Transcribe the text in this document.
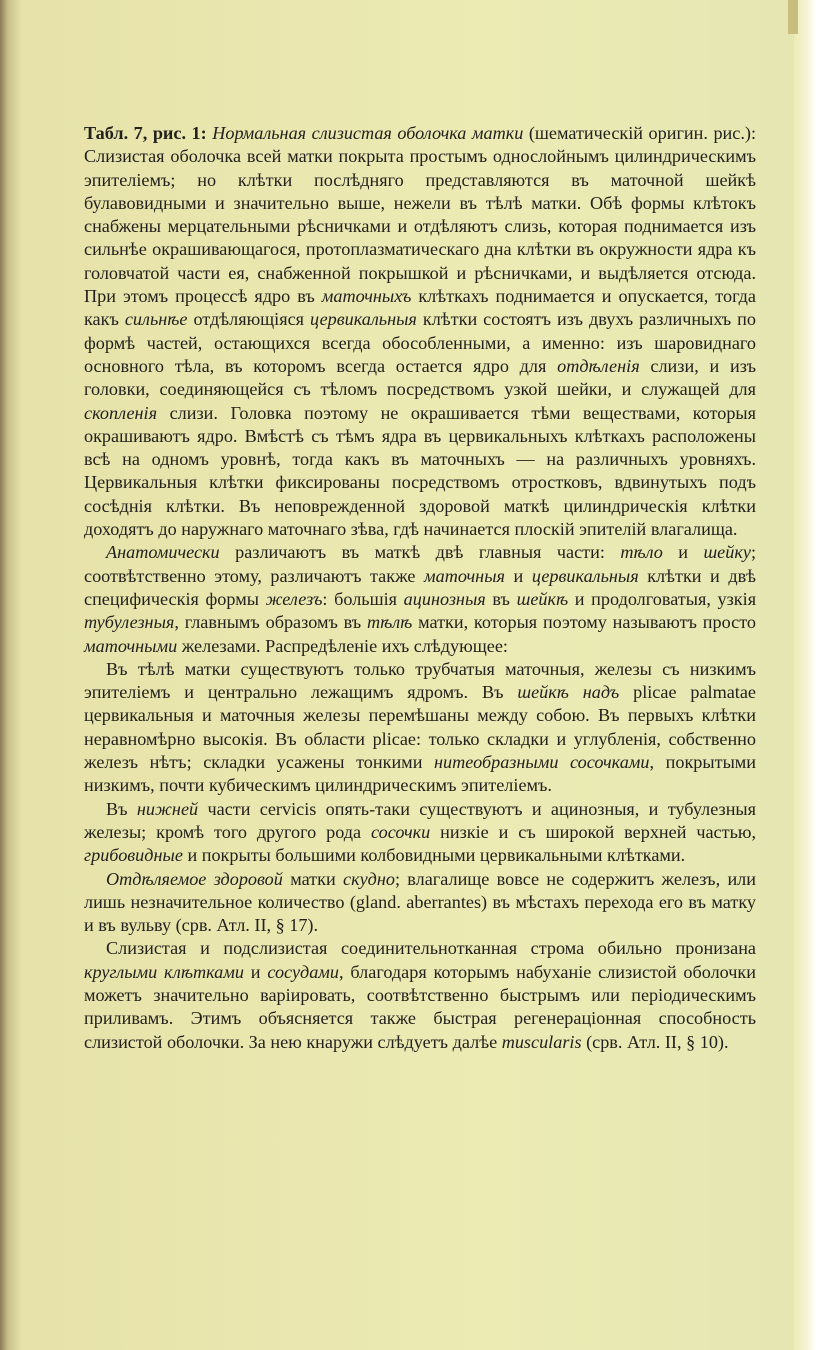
Табл. 7, рис. 1: Нормальная слизистая оболочка матки (шематическiй оригин. рис.): Слизистая оболочка всей матки покрыта простымъ однослойнымъ цилиндрическимъ эпителiемъ; но клѣтки послѣдняго представляются въ маточной шейкѣ булавовидными и значительно выше, нежели въ тѣлѣ матки. Обѣ формы клѣтокъ снабжены мерцательными рѣсничками и отдѣляютъ слизь, которая поднимается изъ сильнѣе окрашивающагося, протоплазматическаго дна клѣтки въ окружности ядра къ головчатой части ея, снабженной покрышкой и рѣсничками, и выдѣляется отсюда. При этомъ процессѣ ядро въ маточныхъ клѣткахъ поднимается и опускается, тогда какъ сильнѣе отдѣляющiяся цервикальныя клѣтки состоятъ изъ двухъ различныхъ по формѣ частей, остающихся всегда обособленными, а именно: изъ шаровиднаго основного тѣла, въ которомъ всегда остается ядро для отдѣленiя слизи, и изъ головки, соединяющейся съ тѣломъ посредствомъ узкой шейки, и служащей для скопленiя слизи. Головка поэтому не окрашивается тѣми веществами, которыя окрашиваютъ ядро. Вмѣстѣ съ тѣмъ ядра въ цервикальныхъ клѣткахъ расположены всѣ на одномъ уровнѣ, тогда какъ въ маточныхъ — на различныхъ уровняхъ. Цервикальныя клѣтки фиксированы посредствомъ отростковъ, вдвинутыхъ подъ сосѣднiя клѣтки. Въ неповрежденной здоровой маткѣ цилиндрическiя клѣтки доходятъ до наружнаго маточнаго зѣва, гдѣ начинается плоскiй эпителiй влагалища.

Анатомически различаютъ въ маткѣ двѣ главныя части: тѣло и шейку; соотвѣтственно этому, различаютъ также маточныя и цервикальныя клѣтки и двѣ специфическiя формы железъ: большiя ацинозныя въ шейкѣ и продолговатыя, узкiя тубулезныя, главнымъ образомъ въ тѣлѣ матки, которыя поэтому называютъ просто маточными железами. Распредѣленiе ихъ слѣдующее:

Въ тѣлѣ матки существуютъ только трубчатыя маточныя, железы съ низкимъ эпителiемъ и центрально лежащимъ ядромъ. Въ шейкѣ надъ plicae palmatae цервикальныя и маточныя железы перемѣшаны между собою. Въ первыхъ клѣтки неравномѣрно высокiя. Въ области plicae: только складки и углубленiя, собственно железъ нѣтъ; складки усажены тонкими нитеобразными сосочками, покрытыми низкимъ, почти кубическимъ цилиндрическимъ эпителiемъ.

Въ нижней части cervicis опять-таки существуютъ и ацинозныя, и тубулезныя железы; кромѣ того другого рода сосочки низкiе и съ широкой верхней частью, грибовидные и покрыты большими колбовидными цервикальными клѣтками.

Отдѣляемое здоровой матки скудно; влагалище вовсе не содержитъ железъ, или лишь незначительное количество (gland. aberrantes) въ мѣстахъ перехода его въ матку и въ вульву (срв. Атл. II, § 17).

Слизистая и подслизистая соединительнотканная строма обильно пронизана круглыми клѣтками и сосудами, благодаря которымъ набуханiе слизистой оболочки можетъ значительно варiировать, соотвѣтственно быстрымъ или перiодическимъ приливамъ. Этимъ объясняется также быстрая регенерацiонная способность слизистой оболочки. За нею кнаружи слѣдуетъ далѣе muscularis (срв. Атл. II, § 10).
